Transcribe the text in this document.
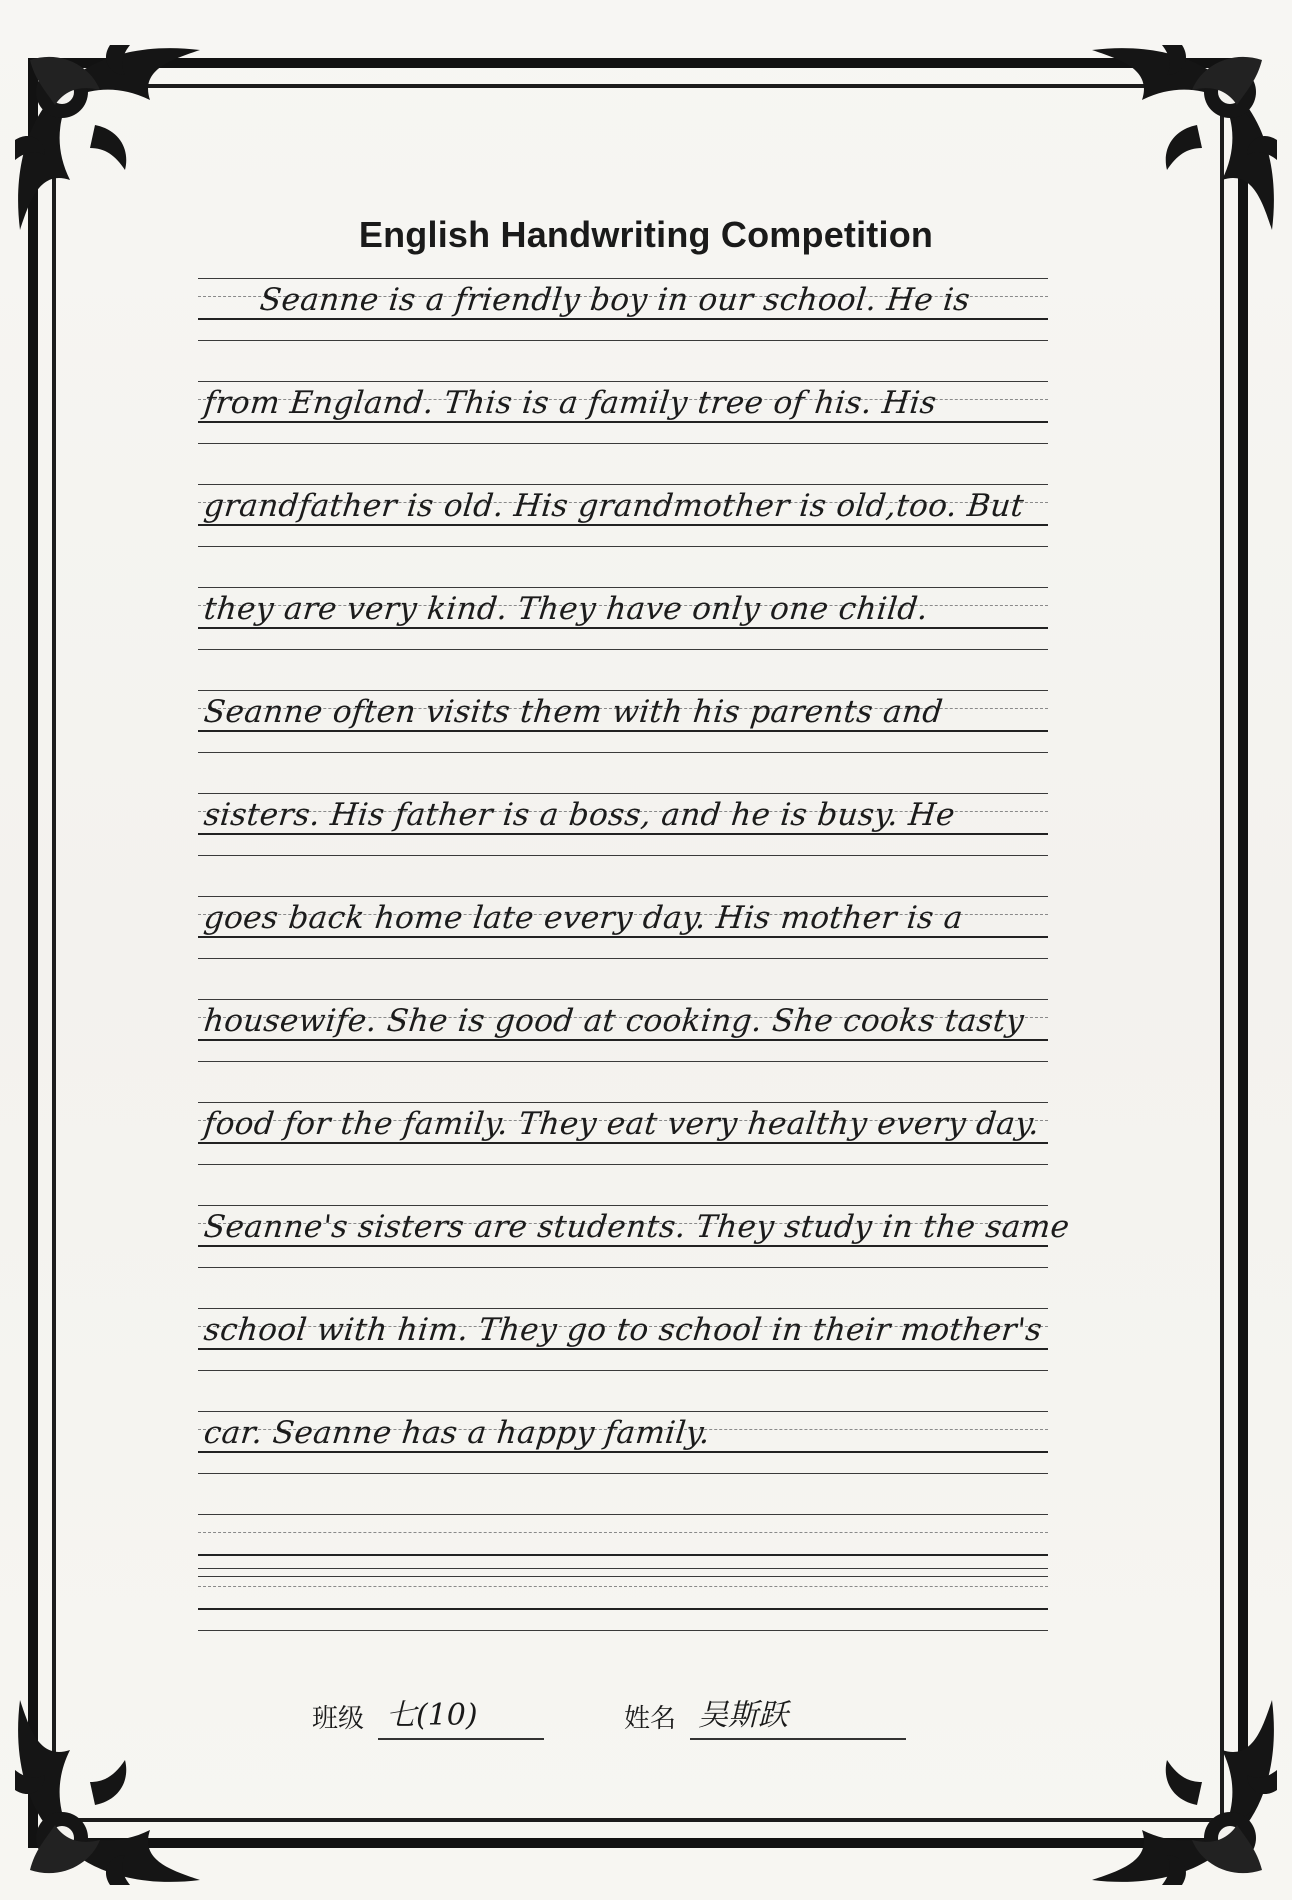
English Handwriting Competition
Seanne is a friendly boy in our school. He is
from England. This is a family tree of his. His
grandfather is old. His grandmother is old,too. But
they are very kind. They have only one child.
Seanne often visits them with his parents and
sisters. His father is a boss, and he is busy. He
goes back home late every day. His mother is a
housewife. She is good at cooking. She cooks tasty
food for the family. They eat very healthy every day.
Seanne's sisters are students. They study in the same
school with him. They go to school in their mother's
car. Seanne has a happy family.
班级 七(10)	姓名 吴斯跃
